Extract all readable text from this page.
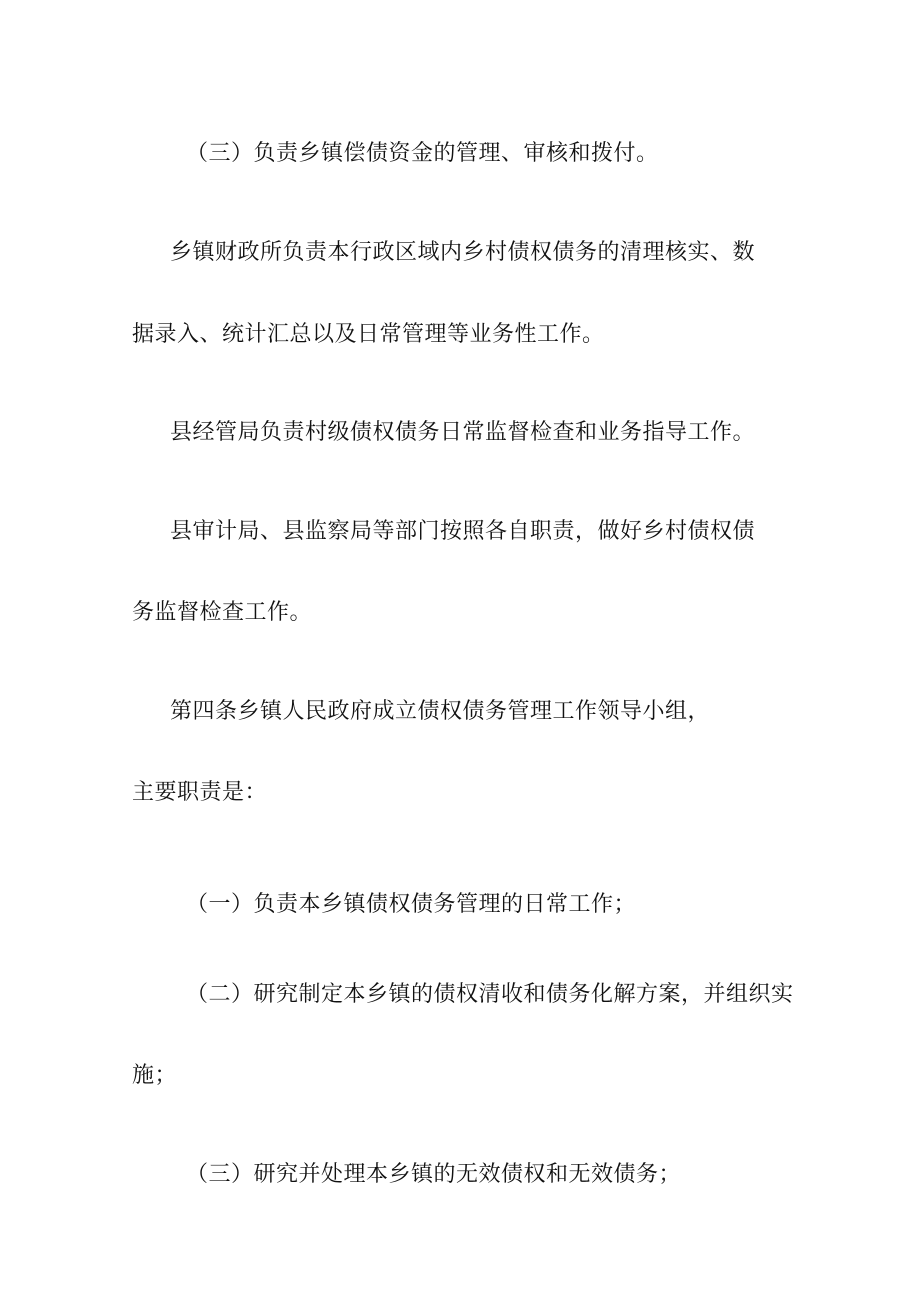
（三）负责乡镇偿债资金的管理、审核和拨付。
乡镇财政所负责本行政区域内乡村债权债务的清理核实、数
据录入、统计汇总以及日常管理等业务性工作。
县经管局负责村级债权债务日常监督检查和业务指导工作。
县审计局、县监察局等部门按照各自职责，做好乡村债权债
务监督检查工作。
第四条乡镇人民政府成立债权债务管理工作领导小组，
主要职责是：
（一）负责本乡镇债权债务管理的日常工作；
（二）研究制定本乡镇的债权清收和债务化解方案，并组织实
施；
（三）研究并处理本乡镇的无效债权和无效债务；
